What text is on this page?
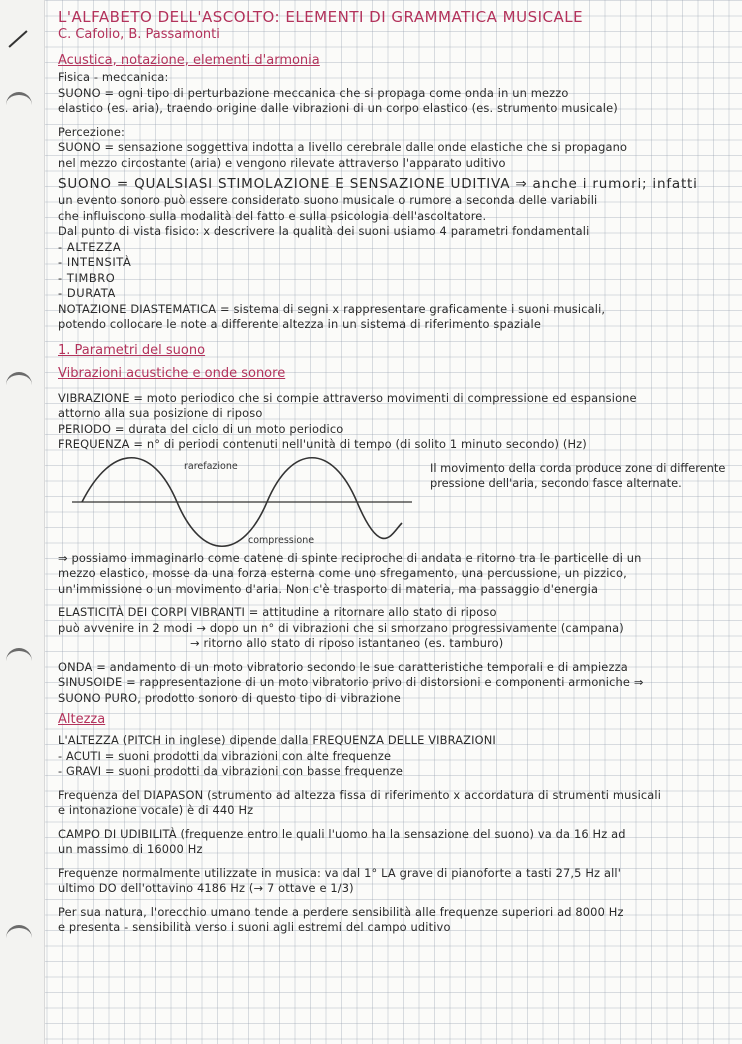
L'ALFABETO DELL'ASCOLTO: ELEMENTI DI GRAMMATICA MUSICALE
C. Cafolio, B. Passamonti
Acustica, notazione, elementi d'armonia
Fisica - meccanica:
SUONO = ogni tipo di perturbazione meccanica che si propaga come onda in un mezzo
elastico (es. aria), traendo origine dalle vibrazioni di un corpo elastico (es. strumento musicale)
Percezione:
SUONO = sensazione soggettiva indotta a livello cerebrale dalle onde elastiche che si propagano
nel mezzo circostante (aria) e vengono rilevate attraverso l'apparato uditivo
SUONO = QUALSIASI STIMOLAZIONE E SENSAZIONE UDITIVA ⇒ anche i rumori; infatti
un evento sonoro può essere considerato suono musicale o rumore a seconda delle variabili
che influiscono sulla modalità del fatto e sulla psicologia dell'ascoltatore.
Dal punto di vista fisico: x descrivere la qualità dei suoni usiamo 4 parametri fondamentali
- ALTEZZA
- INTENSITÀ
- TIMBRO
- DURATA
NOTAZIONE DIASTEMATICA = sistema di segni x rappresentare graficamente i suoni musicali,
potendo collocare le note a differente altezza in un sistema di riferimento spaziale
1. Parametri del suono
Vibrazioni acustiche e onde sonore
VIBRAZIONE = moto periodico che si compie attraverso movimenti di compressione ed espansione
attorno alla sua posizione di riposo
PERIODO = durata del ciclo di un moto periodico
FREQUENZA = n° di periodi contenuti nell'unità di tempo (di solito 1 minuto secondo) (Hz)
rarefazione
compressione
Il movimento della corda produce zone di differente pressione dell'aria, secondo fasce alternate.
⇒ possiamo immaginarlo come catene di spinte reciproche di andata e ritorno tra le particelle di un
mezzo elastico, mosse da una forza esterna come uno sfregamento, una percussione, un pizzico,
un'immissione o un movimento d'aria. Non c'è trasporto di materia, ma passaggio d'energia
ELASTICITÀ DEI CORPI VIBRANTI = attitudine a ritornare allo stato di riposo
può avvenire in 2 modi → dopo un n° di vibrazioni che si smorzano progressivamente (campana)
→ ritorno allo stato di riposo istantaneo (es. tamburo)
ONDA = andamento di un moto vibratorio secondo le sue caratteristiche temporali e di ampiezza
SINUSOIDE = rappresentazione di un moto vibratorio privo di distorsioni e componenti armoniche ⇒
SUONO PURO, prodotto sonoro di questo tipo di vibrazione
Altezza
L'ALTEZZA (PITCH in inglese) dipende dalla FREQUENZA DELLE VIBRAZIONI
- ACUTI = suoni prodotti da vibrazioni con alte frequenze
- GRAVI = suoni prodotti da vibrazioni con basse frequenze
Frequenza del DIAPASON (strumento ad altezza fissa di riferimento x accordatura di strumenti musicali
e intonazione vocale) è di 440 Hz
CAMPO DI UDIBILITÀ (frequenze entro le quali l'uomo ha la sensazione del suono) va da 16 Hz ad
un massimo di 16000 Hz
Frequenze normalmente utilizzate in musica: va dal 1° LA grave di pianoforte a tasti 27,5 Hz all'
ultimo DO dell'ottavino 4186 Hz (→ 7 ottave e 1/3)
Per sua natura, l'orecchio umano tende a perdere sensibilità alle frequenze superiori ad 8000 Hz
e presenta - sensibilità verso i suoni agli estremi del campo uditivo
